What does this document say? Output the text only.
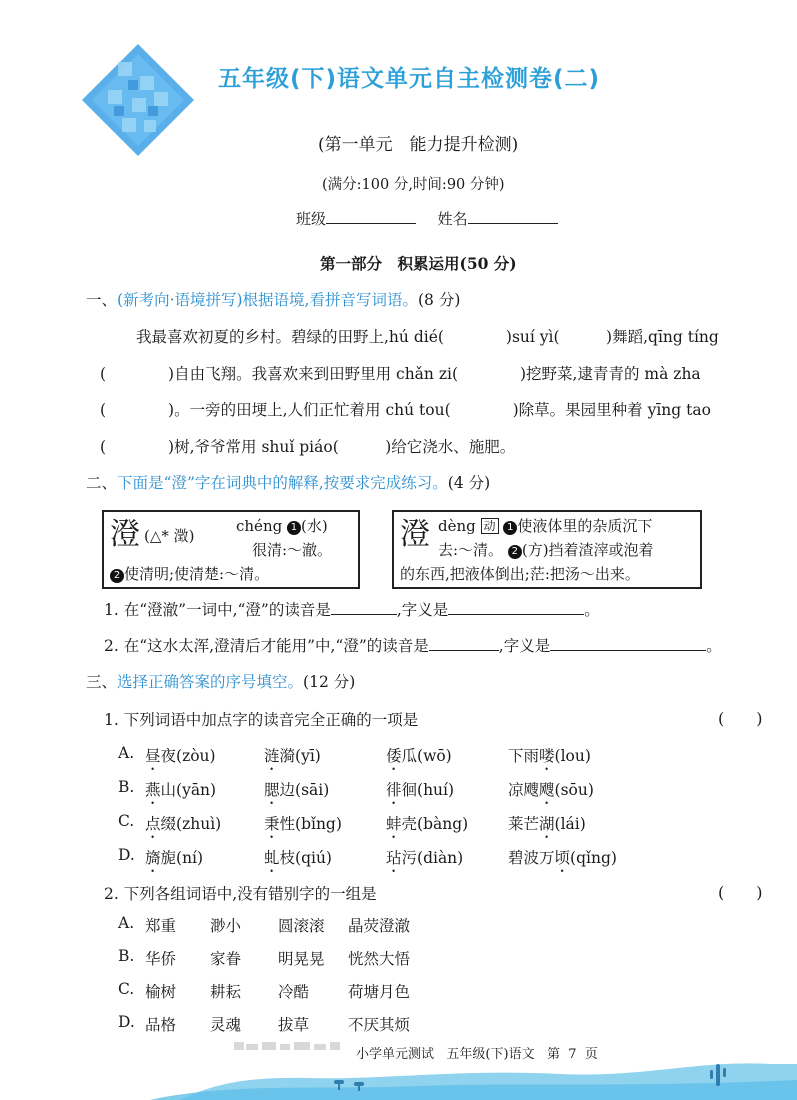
五年级(下)语文单元自主检测卷(二)
(第一单元　能力提升检测)
(满分:100 分,时间:90 分钟)
班级	姓名
第一部分　积累运用(50 分)
一、(新考向·语境拼写)根据语境,看拼音写词语。(8 分)
我最喜欢初夏的乡村。碧绿的田野上,hú dié(　　　　)suí yì(　　　)舞蹈,qīng tíng
(　　　　)自由飞翔。我喜欢来到田野里用 chǎn zi(　　　　)挖野菜,逮青青的 mà zha
(　　　　)。一旁的田埂上,人们正忙着用 chú tou(　　　　)除草。果园里种着 yīng tao
(　　　　)树,爷爷常用 shuǐ piáo(　　　)给它浇水、施肥。
二、下面是“澄”字在词典中的解释,按要求完成练习。(4 分)
澄 (△* 澂)
chéng 1 (水)
很清:～澈。
2 使清明;使清楚:～清。
澄 dèng 动 1 使液体里的杂质沉下
去:～清。 2 (方)挡着渣滓或泡着
的东西,把液体倒出;茫:把汤～出来。
1. 在“澄澈”一词中,“澄”的读音是	,字义是	。
2. 在“这水太浑,澄清后才能用”中,“澄”的读音是	,字义是	。
三、选择正确答案的序号填空。(12 分)
1. 下列词语中加点字的读音完全正确的一项是	(　　)
A. 昼夜(zòu)	涟漪(yī)	倭瓜(wō)	下雨喽(lou)
B. 燕山(yān)	腮边(sāi)	徘徊(huí)	凉飕飕(sōu)
C. 点缀(zhuì)	秉性(bǐng)	蚌壳(bàng)	莱芒湖(lái)
D. 旖旎(ní)	虬枝(qiú)	玷污(diàn)	碧波万顷(qǐng)
2. 下列各组词语中,没有错别字的一组是	(　　)
A. 郑重 渺小 圆滚滚 晶荧澄澈
B. 华侨 家眷 明晃晃 恍然大悟
C. 榆树 耕耘 冷酷	荷塘月色
D. 品格 灵魂 拔草	不厌其烦
小学单元测试 五年级(下)语文 第 7 页
